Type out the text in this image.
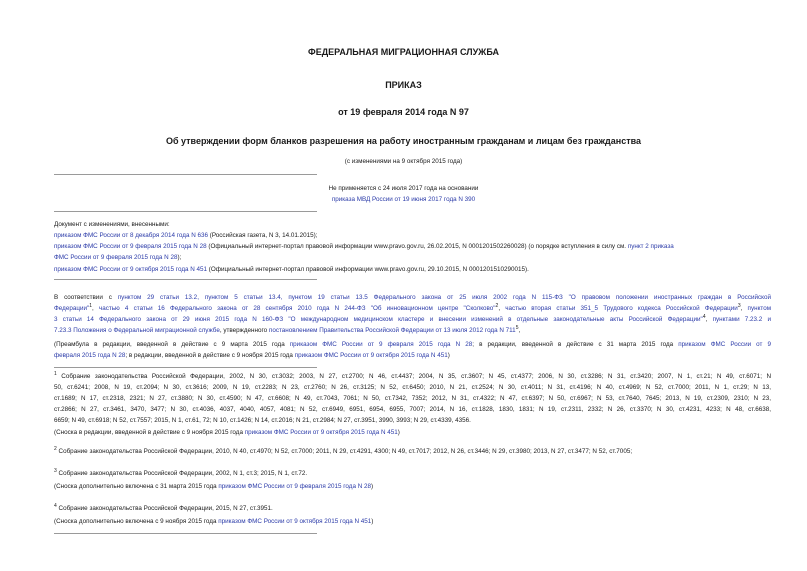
ФЕДЕРАЛЬНАЯ МИГРАЦИОННАЯ СЛУЖБА
ПРИКАЗ
от 19 февраля 2014 года N 97
Об утверждении форм бланков разрешения на работу иностранным гражданам и лицам без гражданства
(с изменениями на 9 октября 2015 года)
Не применяется с 24 июля 2017 года на основании
приказа МВД России от 19 июня 2017 года N 390
Документ с изменениями, внесенными:
приказом ФМС России от 8 декабря 2014 года N 636 (Российская газета, N 3, 14.01.2015);
приказом ФМС России от 9 февраля 2015 года N 28 (Официальный интернет-портал правовой информации www.pravo.gov.ru, 26.02.2015, N 0001201502260028) (о порядке вступления в силу см. пункт 2 приказа
ФМС России от 9 февраля 2015 года N 28);
приказом ФМС России от 9 октября 2015 года N 451 (Официальный интернет-портал правовой информации www.pravo.gov.ru, 29.10.2015, N 0001201510290015).
В соответствии с пунктом 29 статьи 13.2, пунктом 5 статьи 13.4, пунктом 19 статьи 13.5 Федерального закона от 25 июля 2002 года N 115-ФЗ "О правовом положении иностранных граждан в Российской
Федерации"$^1$, частью 4 статьи 16 Федерального закона от 28 сентября 2010 года N 244-ФЗ "Об инновационном центре "Сколково"$^2$, частью вторая статьи 351_5 Трудового кодекса Российской Федерации$^3$, пунктом
3 статьи 14 Федерального закона от 29 июня 2015 года N 160-ФЗ "О международном медицинском кластере и внесении изменений в отдельные законодательные акты Российской Федерации"$^4$, пунктами 7.23.2 и
7.23.3 Положения о Федеральной миграционной службе, утвержденного постановлением Правительства Российской Федерации от 13 июля 2012 года N $711^5$,
(Преамбула в редакции, введенной в действие с 9 марта 2015 года приказом ФМС России от 9 февраля 2015 года N 28; в редакции, введенной в действие с 31 марта 2015 года приказом ФМС России от 9
февраля 2015 года N 28; в редакции, введенной в действие с 9 ноября 2015 года приказом ФМС России от 9 октября 2015 года N 451)
$^1$ Собрание законодательства Российской Федерации, 2002, N 30, ст.3032; 2003, N 27, ст.2700; N 46, ст.4437; 2004, N 35, ст.3607; N 45, ст.4377; 2006, N 30, ст.3286; N 31, ст.3420; 2007, N 1, ст.21; N 49, ст.6071; N
50, ст.6241; 2008, N 19, ст.2094; N 30, ст.3616; 2009, N 19, ст.2283; N 23, ст.2760; N 26, ст.3125; N 52, ст.6450; 2010, N 21, ст.2524; N 30, ст.4011; N 31, ст.4196; N 40, ст.4969; N 52, ст.7000; 2011, N 1, ст.29; N 13,
ст.1689; N 17, ст.2318, 2321; N 27, ст.3880; N 30, ст.4590; N 47, ст.6608; N 49, ст.7043, 7061; N 50, ст.7342, 7352; 2012, N 31, ст.4322; N 47, ст.6397; N 50, ст.6967; N 53, ст.7640, 7645; 2013, N 19, ст.2309, 2310; N 23,
ст.2866; N 27, ст.3461, 3470, 3477; N 30, ст.4036, 4037, 4040, 4057, 4081; N 52, ст.6949, 6951, 6954, 6955, 7007; 2014, N 16, ст.1828, 1830, 1831; N 19, ст.2311, 2332; N 26, ст.3370; N 30, ст.4231, 4233; N 48, ст.6638,
6659; N 49, ст.6918; N 52, ст.7557; 2015, N 1, ст.61, 72; N 10, ст.1426; N 14, ст.2016; N 21, ст.2984; N 27, ст.3951, 3990, 3993; N 29, ст.4339, 4356.
(Сноска в редакции, введенной в действие с 9 ноября 2015 года приказом ФМС России от 9 октября 2015 года N 451)
$^2$ Собрание законодательства Российской Федерации, 2010, N 40, ст.4970; N 52, ст.7000; 2011, N 29, ст.4291, 4300; N 49, ст.7017; 2012, N 26, ст.3446; N 29, ст.3980; 2013, N 27, ст.3477; N 52, ст.7005;
$^3$ Собрание законодательства Российской Федерации, 2002, N 1, ст.3; 2015, N 1, ст.72.
(Сноска дополнительно включена с 31 марта 2015 года приказом ФМС России от 9 февраля 2015 года N 28)
$^4$ Собрание законодательства Российской Федерации, 2015, N 27, ст.3951.
(Сноска дополнительно включена с 9 ноября 2015 года приказом ФМС России от 9 октября 2015 года N 451)
